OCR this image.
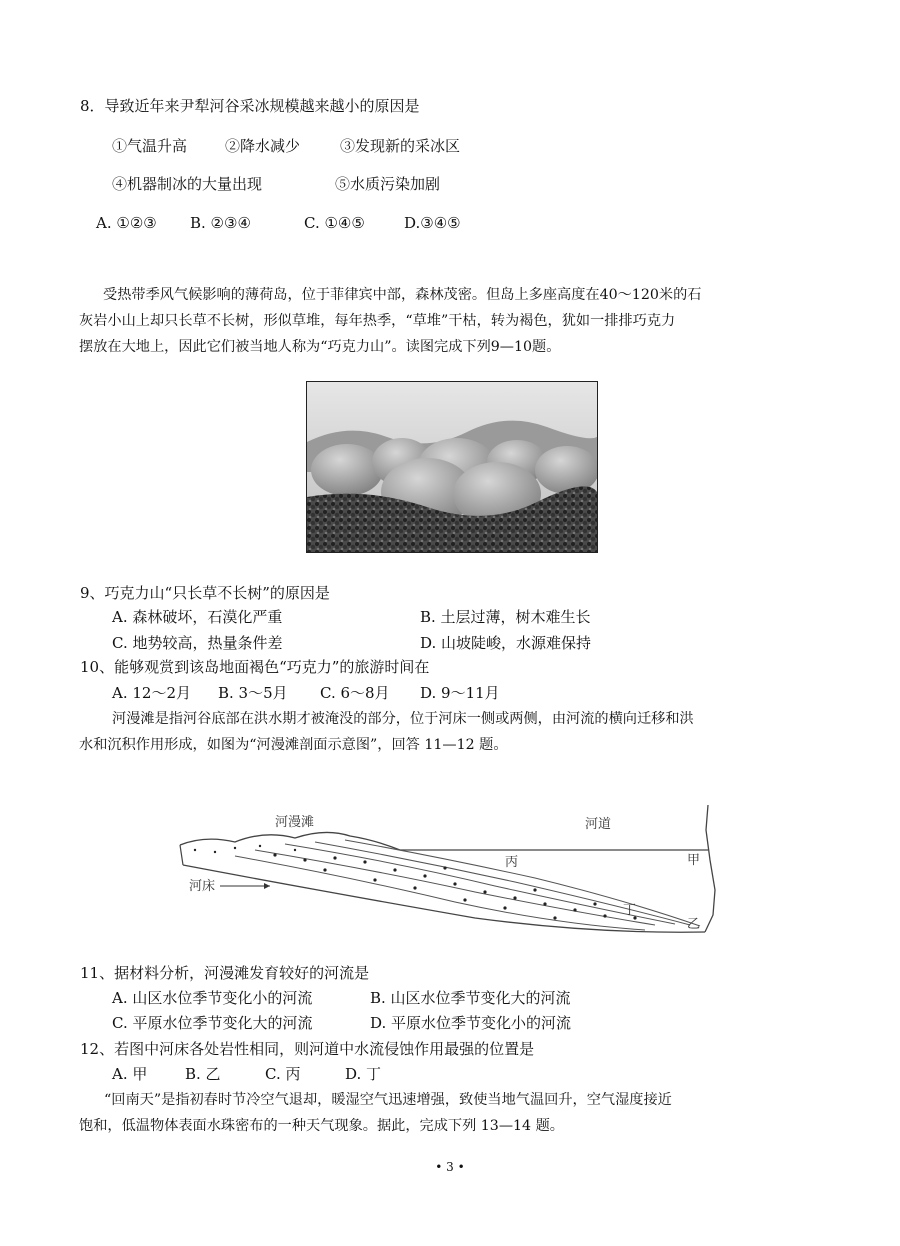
8．导致近年来尹犁河谷采冰规模越来越小的原因是
①气温升高	②降水减少	③发现新的采冰区
④机器制冰的大量出现	⑤水质污染加剧
A. ①②③ B. ②③④	C. ①④⑤	D.③④⑤
受热带季风气候影响的薄荷岛，位于菲律宾中部，森林茂密。但岛上多座高度在40～120米的石
灰岩小山上却只长草不长树，形似草堆，每年热季，“草堆”干枯，转为褐色，犹如一排排巧克力
摆放在大地上，因此它们被当地人称为“巧克力山”。读图完成下列9—10题。
9、巧克力山“只长草不长树”的原因是
A. 森林破坏，石漠化严重	B. 土层过薄，树木难生长
C. 地势较高，热量条件差	D. 山坡陡峻，水源难保持
10、能够观赏到该岛地面褐色“巧克力”的旅游时间在
A. 12～2月 B. 3～5月 C. 6～8月 D. 9～11月
河漫滩是指河谷底部在洪水期才被淹没的部分，位于河床一侧或两侧，由河流的横向迁移和洪
水和沉积作用形成，如图为“河漫滩剖面示意图”，回答 11—12 题。
河漫滩	河道
河床
丙	甲
丁
乙
11、据材料分析，河漫滩发育较好的河流是
A. 山区水位季节变化小的河流	B. 山区水位季节变化大的河流
C. 平原水位季节变化大的河流	D. 平原水位季节变化小的河流
12、若图中河床各处岩性相同，则河道中水流侵蚀作用最强的位置是
A. 甲	B. 乙	C. 丙	D. 丁
“回南天”是指初春时节冷空气退却，暖湿空气迅速增强，致使当地气温回升，空气湿度接近
饱和，低温物体表面水珠密布的一种天气现象。据此，完成下列 13—14 题。
• 3 •
